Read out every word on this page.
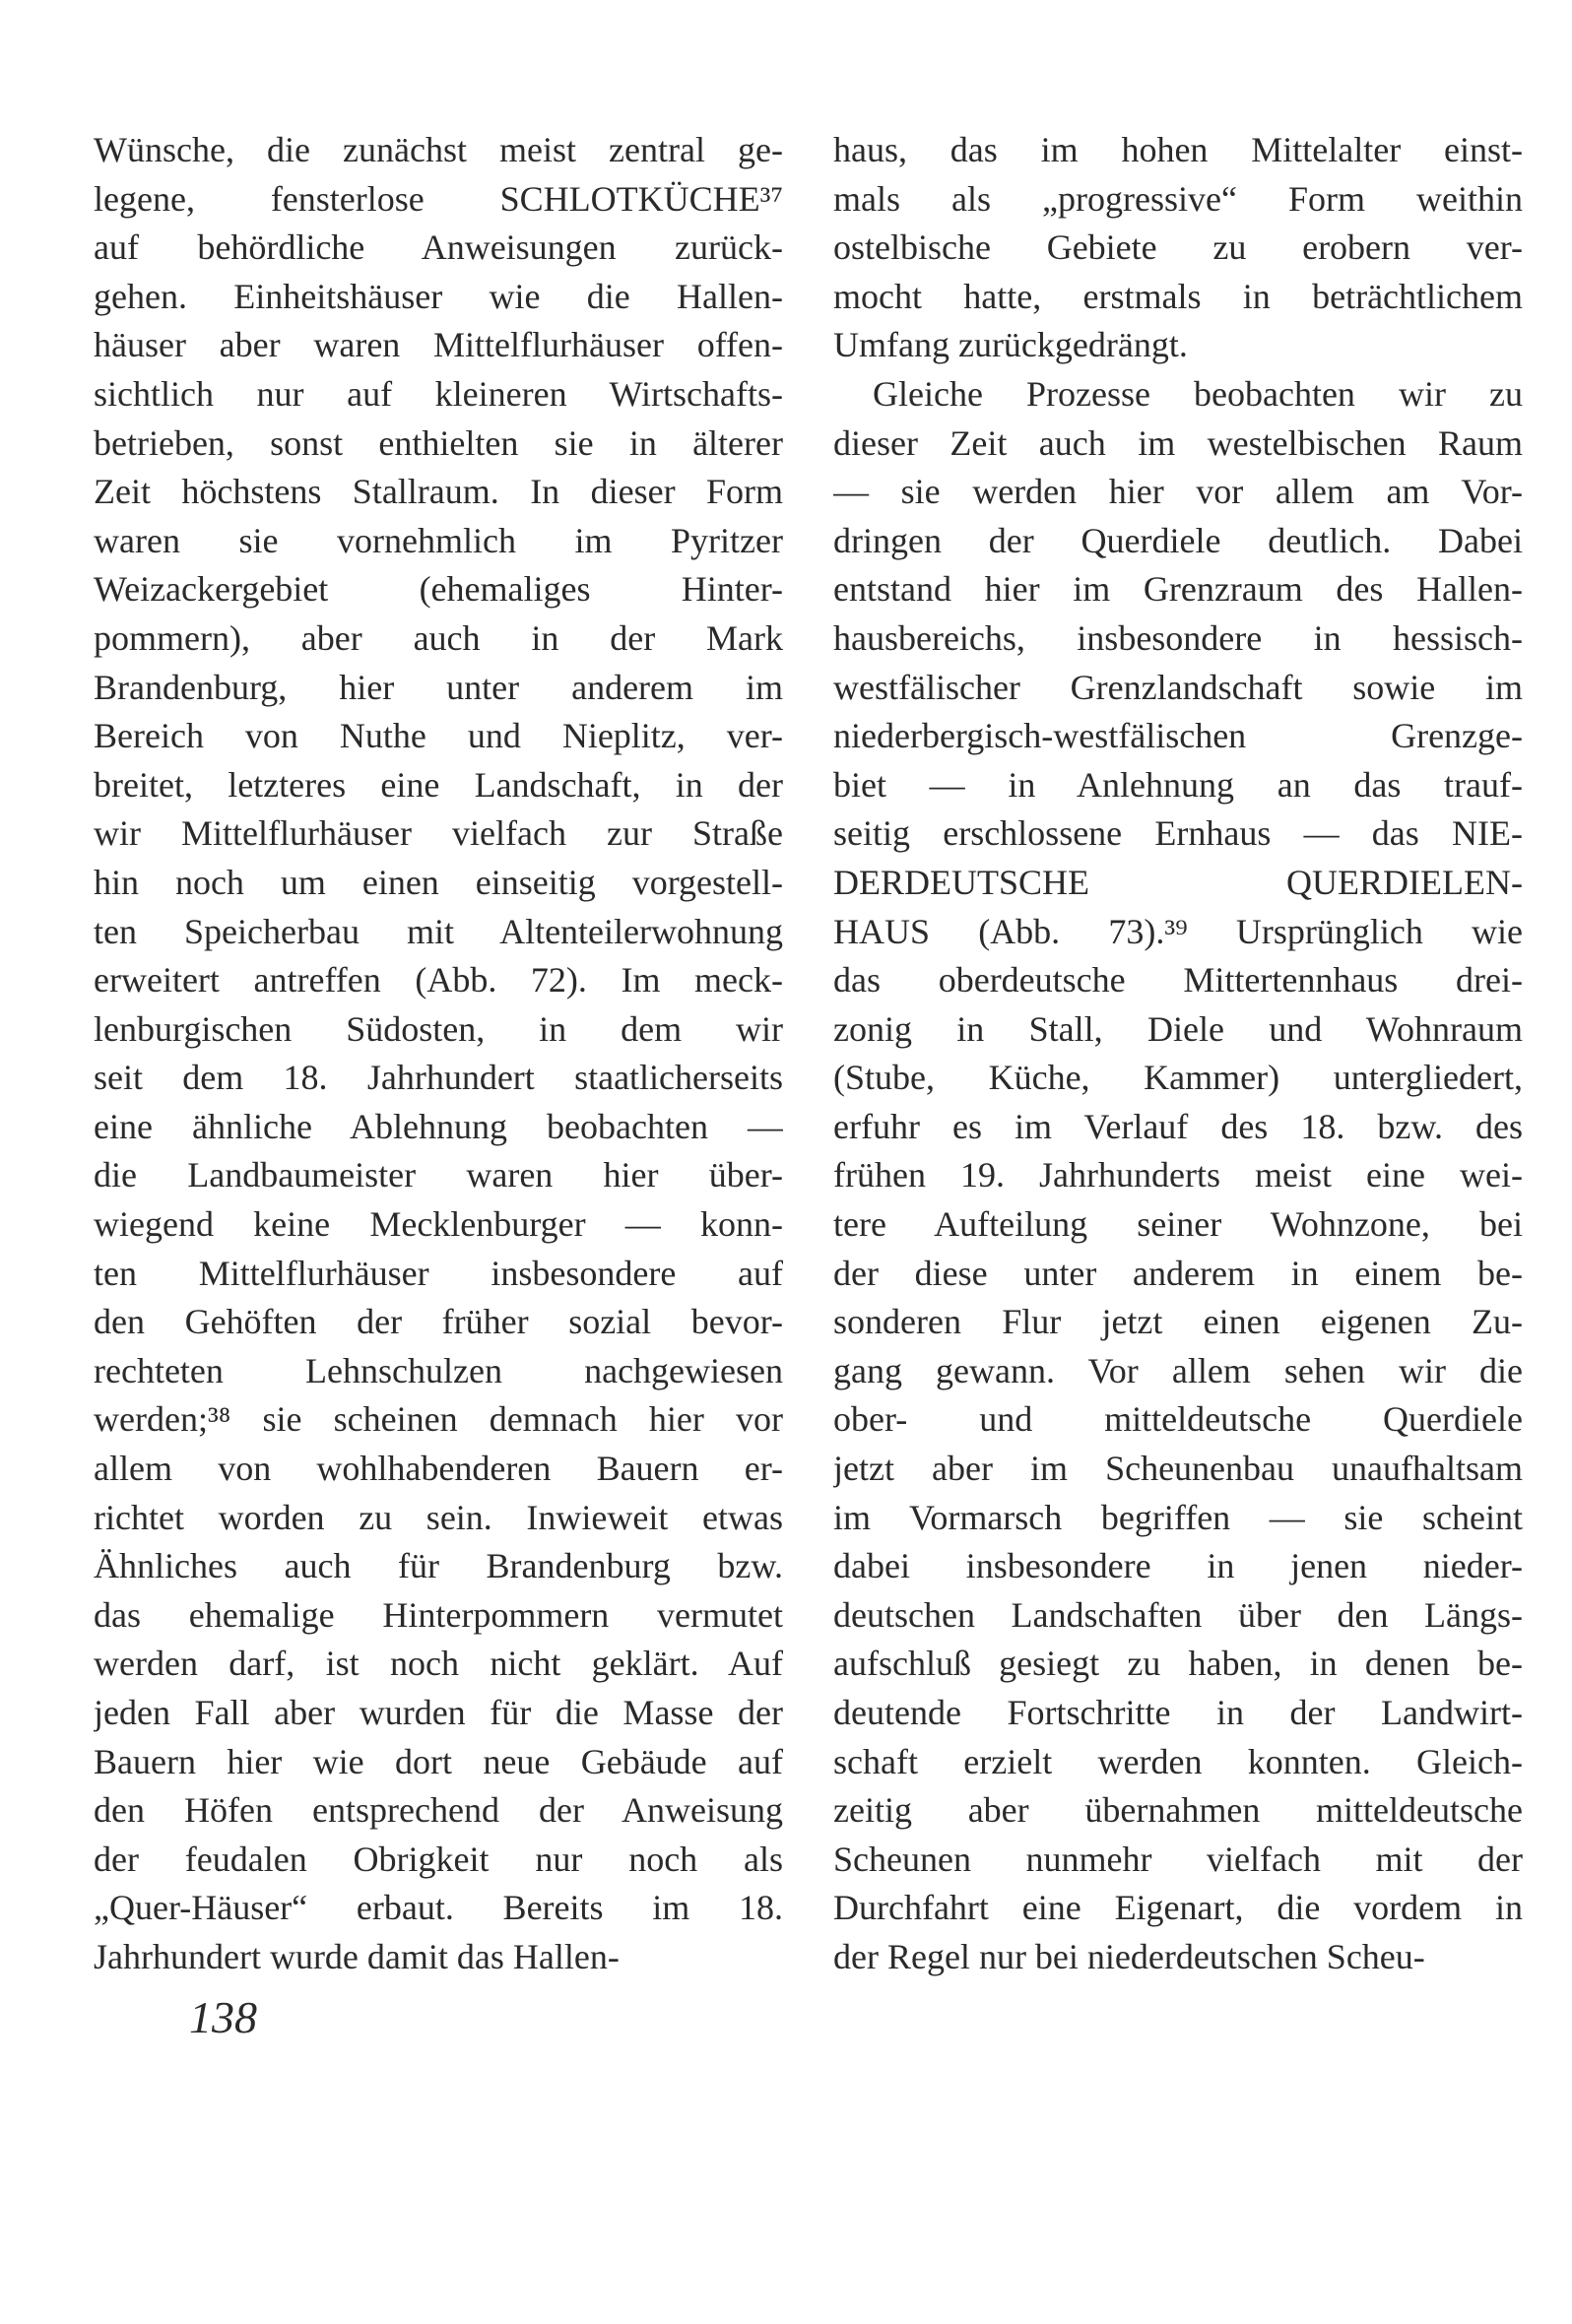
Wünsche, die zunächst meist zentral ge-
legene, fensterlose SCHLOTKÜCHE³⁷
auf behördliche Anweisungen zurück-
gehen. Einheitshäuser wie die Hallen-
häuser aber waren Mittelflurhäuser offen-
sichtlich nur auf kleineren Wirtschafts-
betrieben, sonst enthielten sie in älterer
Zeit höchstens Stallraum. In dieser Form
waren sie vornehmlich im Pyritzer
Weizackergebiet (ehemaliges Hinter-
pommern), aber auch in der Mark
Brandenburg, hier unter anderem im
Bereich von Nuthe und Nieplitz, ver-
breitet, letzteres eine Landschaft, in der
wir Mittelflurhäuser vielfach zur Straße
hin noch um einen einseitig vorgestell-
ten Speicherbau mit Altenteilerwohnung
erweitert antreffen (Abb. 72). Im meck-
lenburgischen Südosten, in dem wir
seit dem 18. Jahrhundert staatlicherseits
eine ähnliche Ablehnung beobachten —
die Landbaumeister waren hier über-
wiegend keine Mecklenburger — konn-
ten Mittelflurhäuser insbesondere auf
den Gehöften der früher sozial bevor-
rechteten Lehnschulzen nachgewiesen
werden;³⁸ sie scheinen demnach hier vor
allem von wohlhabenderen Bauern er-
richtet worden zu sein. Inwieweit etwas
Ähnliches auch für Brandenburg bzw.
das ehemalige Hinterpommern vermutet
werden darf, ist noch nicht geklärt. Auf
jeden Fall aber wurden für die Masse der
Bauern hier wie dort neue Gebäude auf
den Höfen entsprechend der Anweisung
der feudalen Obrigkeit nur noch als
„Quer-Häuser“ erbaut. Bereits im 18.
Jahrhundert wurde damit das Hallen-
haus, das im hohen Mittelalter einst-
mals als „progressive“ Form weithin
ostelbische Gebiete zu erobern ver-
mocht hatte, erstmals in beträchtlichem
Umfang zurückgedrängt.
Gleiche Prozesse beobachten wir zu
dieser Zeit auch im westelbischen Raum
— sie werden hier vor allem am Vor-
dringen der Querdiele deutlich. Dabei
entstand hier im Grenzraum des Hallen-
hausbereichs, insbesondere in hessisch-
westfälischer Grenzlandschaft sowie im
niederbergisch-westfälischen Grenzge-
biet — in Anlehnung an das trauf-
seitig erschlossene Ernhaus — das NIE-
DERDEUTSCHE QUERDIELEN-
HAUS (Abb. 73).³⁹ Ursprünglich wie
das oberdeutsche Mittertennhaus drei-
zonig in Stall, Diele und Wohnraum
(Stube, Küche, Kammer) untergliedert,
erfuhr es im Verlauf des 18. bzw. des
frühen 19. Jahrhunderts meist eine wei-
tere Aufteilung seiner Wohnzone, bei
der diese unter anderem in einem be-
sonderen Flur jetzt einen eigenen Zu-
gang gewann. Vor allem sehen wir die
ober- und mitteldeutsche Querdiele
jetzt aber im Scheunenbau unaufhaltsam
im Vormarsch begriffen — sie scheint
dabei insbesondere in jenen nieder-
deutschen Landschaften über den Längs-
aufschluß gesiegt zu haben, in denen be-
deutende Fortschritte in der Landwirt-
schaft erzielt werden konnten. Gleich-
zeitig aber übernahmen mitteldeutsche
Scheunen nunmehr vielfach mit der
Durchfahrt eine Eigenart, die vordem in
der Regel nur bei niederdeutschen Scheu-
138
